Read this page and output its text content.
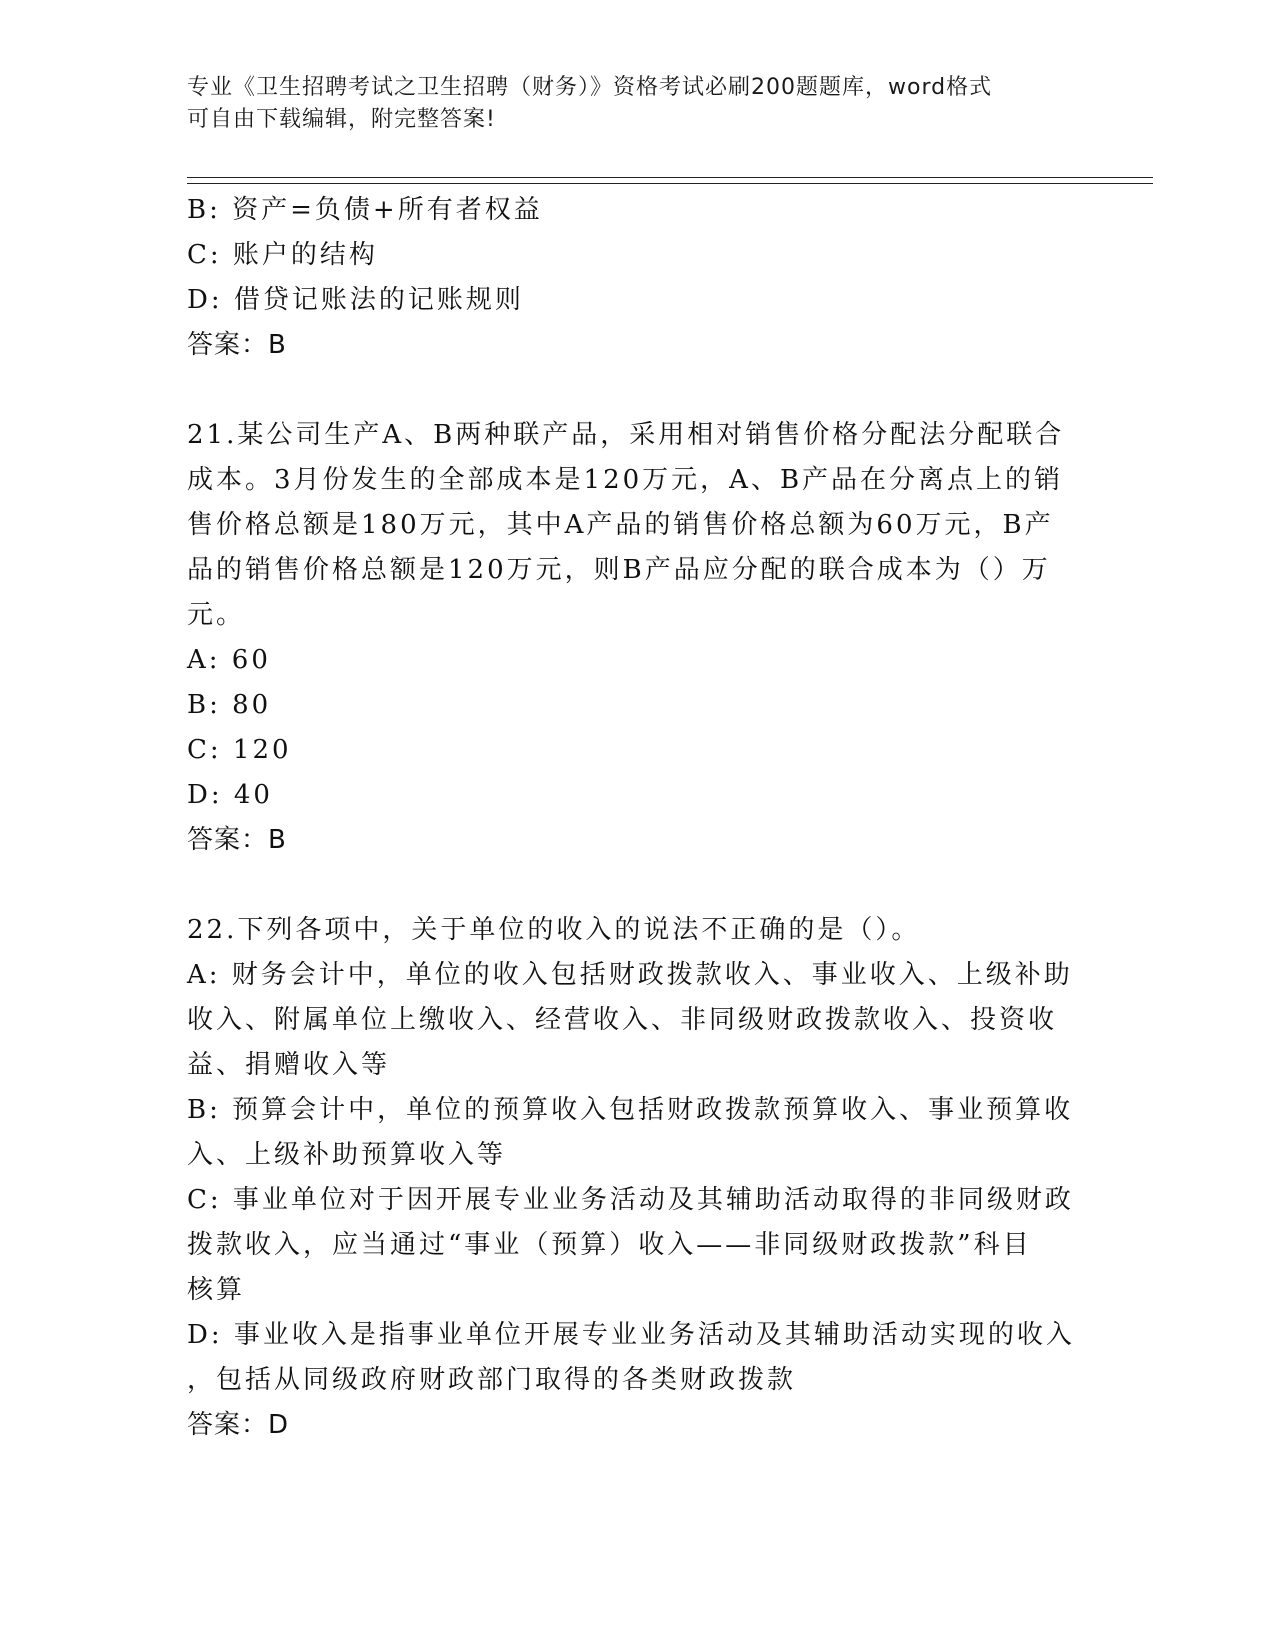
专业《卫生招聘考试之卫生招聘（财务）》资格考试必刷200题题库，word格式
可自由下载编辑，附完整答案!

B: 资产=负债+所有者权益

C: 账户的结构

D: 借贷记账法的记账规则

答案：B

21.某公司生产A、B两种联产品，采用相对销售价格分配法分配联合

成本。3月份发生的全部成本是120万元，A、B产品在分离点上的销

售价格总额是180万元，其中A产品的销售价格总额为60万元，B产

品的销售价格总额是120万元，则B产品应分配的联合成本为（）万

元。

A: 60

B: 80

C: 120

D: 40

答案：B

22.下列各项中，关于单位的收入的说法不正确的是（）。

A: 财务会计中，单位的收入包括财政拨款收入、事业收入、上级补助

收入、附属单位上缴收入、经营收入、非同级财政拨款收入、投资收

益、捐赠收入等

B: 预算会计中，单位的预算收入包括财政拨款预算收入、事业预算收

入、上级补助预算收入等

C: 事业单位对于因开展专业业务活动及其辅助活动取得的非同级财政

拨款收入，应当通过“事业（预算）收入——非同级财政拨款”科目

核算

D: 事业收入是指事业单位开展专业业务活动及其辅助活动实现的收入

，包括从同级政府财政部门取得的各类财政拨款

答案：D
